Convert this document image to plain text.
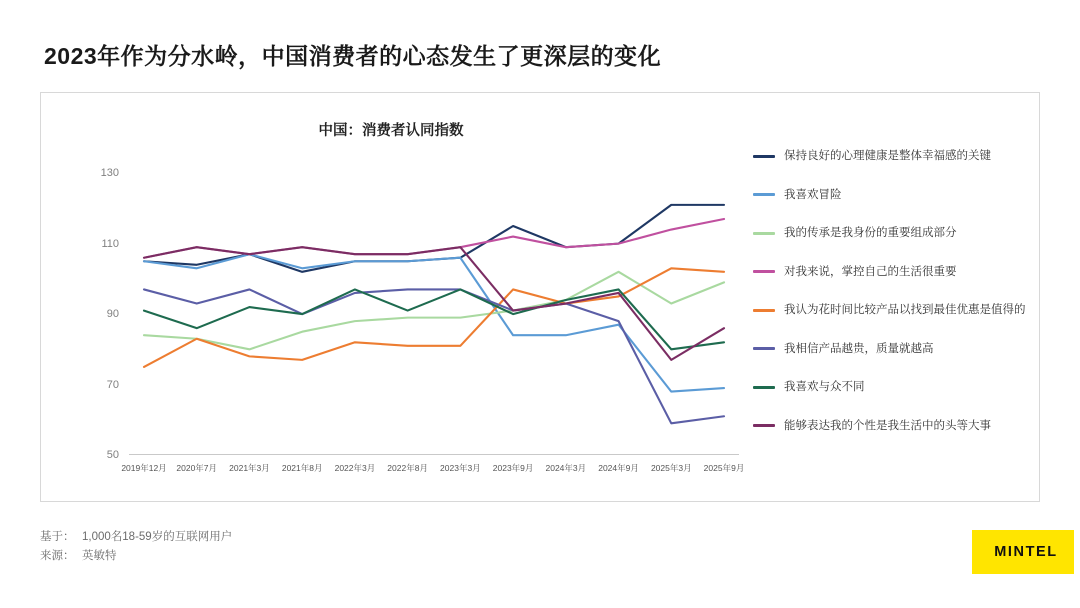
2023年作为分水岭，中国消费者的心态发生了更深层的变化
中国：消费者认同指数
50
70
90
110
130
2019年12月 2020年7月 2021年3月 2021年8月 2022年3月 2022年8月 2023年3月 2023年9月 2024年3月 2024年9月 2025年3月 2025年9月
保持良好的心理健康是整体幸福感的关键
我喜欢冒险
我的传承是我身份的重要组成部分
对我来说，掌控自己的生活很重要
我认为花时间比较产品以找到最佳优惠是值得的
我相信产品越贵，质量就越高
我喜欢与众不同
能够表达我的个性是我生活中的头等大事
基于： 1,000名18-59岁的互联网用户
来源： 英敏特	MINTEL
